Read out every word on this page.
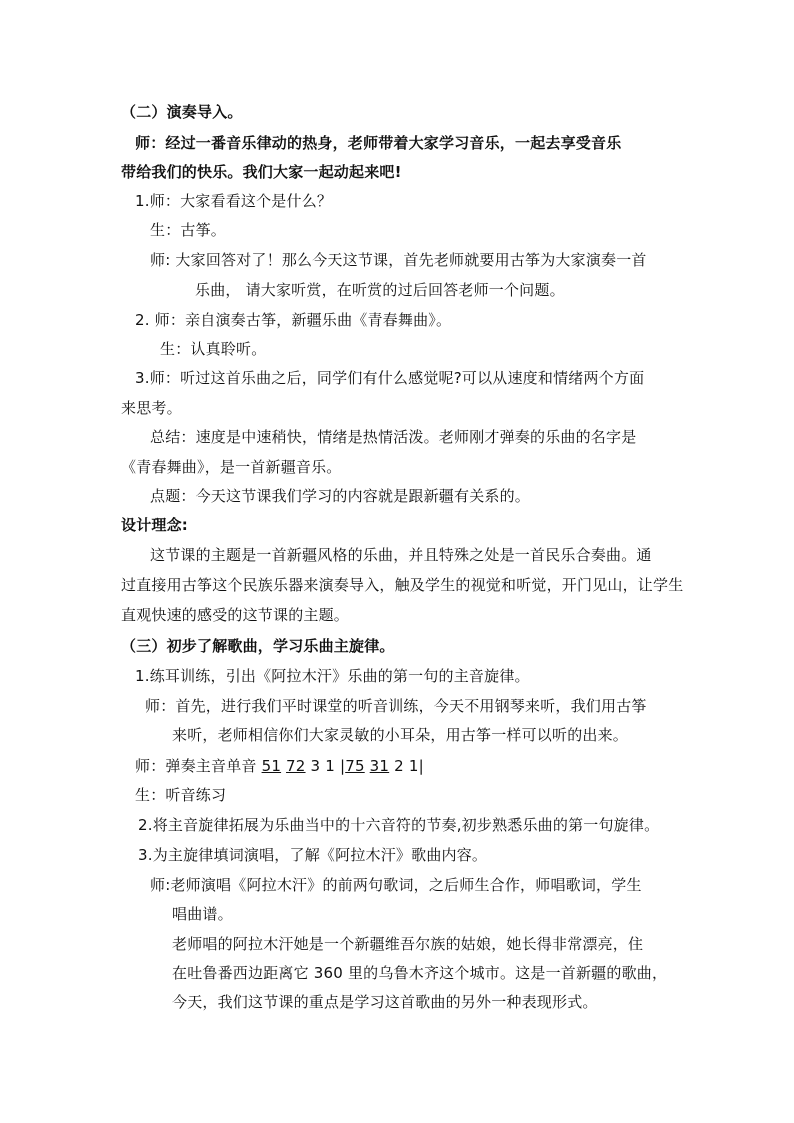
（二）演奏导入。
师：经过一番音乐律动的热身，老师带着大家学习音乐，一起去享受音乐
带给我们的快乐。我们大家一起动起来吧!
1.师：大家看看这个是什么？
生：古筝。
师: 大家回答对了！那么今天这节课，首先老师就要用古筝为大家演奏一首
乐曲， 请大家听赏，在听赏的过后回答老师一个问题。
2. 师：亲自演奏古筝，新疆乐曲《青春舞曲》。
生：认真聆听。
3.师：听过这首乐曲之后，同学们有什么感觉呢?可以从速度和情绪两个方面
来思考。
总结：速度是中速稍快，情绪是热情活泼。老师刚才弹奏的乐曲的名字是
《青春舞曲》，是一首新疆音乐。
点题：今天这节课我们学习的内容就是跟新疆有关系的。
设计理念:
这节课的主题是一首新疆风格的乐曲，并且特殊之处是一首民乐合奏曲。通
过直接用古筝这个民族乐器来演奏导入，触及学生的视觉和听觉，开门见山，让学生
直观快速的感受的这节课的主题。
（三）初步了解歌曲，学习乐曲主旋律。
1.练耳训练，引出《阿拉木汗》乐曲的第一句的主音旋律。
师：首先，进行我们平时课堂的听音训练，今天不用钢琴来听，我们用古筝
来听，老师相信你们大家灵敏的小耳朵，用古筝一样可以听的出来。
师：弹奏主音单音 51 72 3 1 |75 31 2 1|
生：听音练习
2.将主音旋律拓展为乐曲当中的十六音符的节奏,初步熟悉乐曲的第一句旋律。
3.为主旋律填词演唱，了解《阿拉木汗》歌曲内容。
师:老师演唱《阿拉木汗》的前两句歌词，之后师生合作，师唱歌词，学生
唱曲谱。
老师唱的阿拉木汗她是一个新疆维吾尔族的姑娘，她长得非常漂亮，住
在吐鲁番西边距离它 360 里的乌鲁木齐这个城市。这是一首新疆的歌曲，
今天，我们这节课的重点是学习这首歌曲的另外一种表现形式。
